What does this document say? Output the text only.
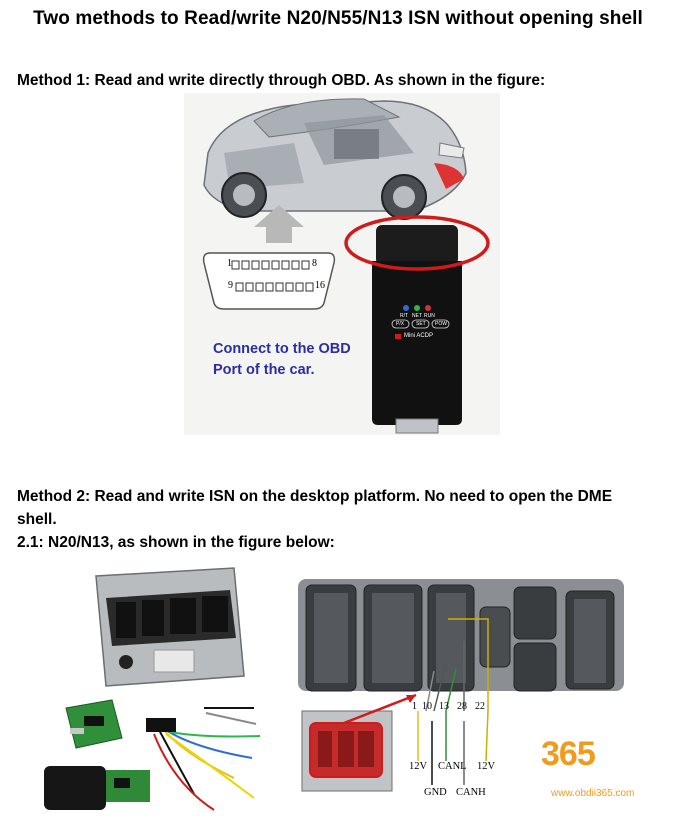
Two methods to Read/write N20/N55/N13 ISN without opening shell
Method 1: Read and write directly through OBD. As shown in the figure:
1	8
9	16
R/T NET RUN
P/X SET POW
Mini ACDP
Connect to the OBD
Port of the car.
Method 2: Read and write ISN on the desktop platform. No need to open the DME
shell.
2.1: N20/N13, as shown in the figure below:
1 10 13 28 22
12V CANL 12V
GND CANH
365
www.obdii365.com
